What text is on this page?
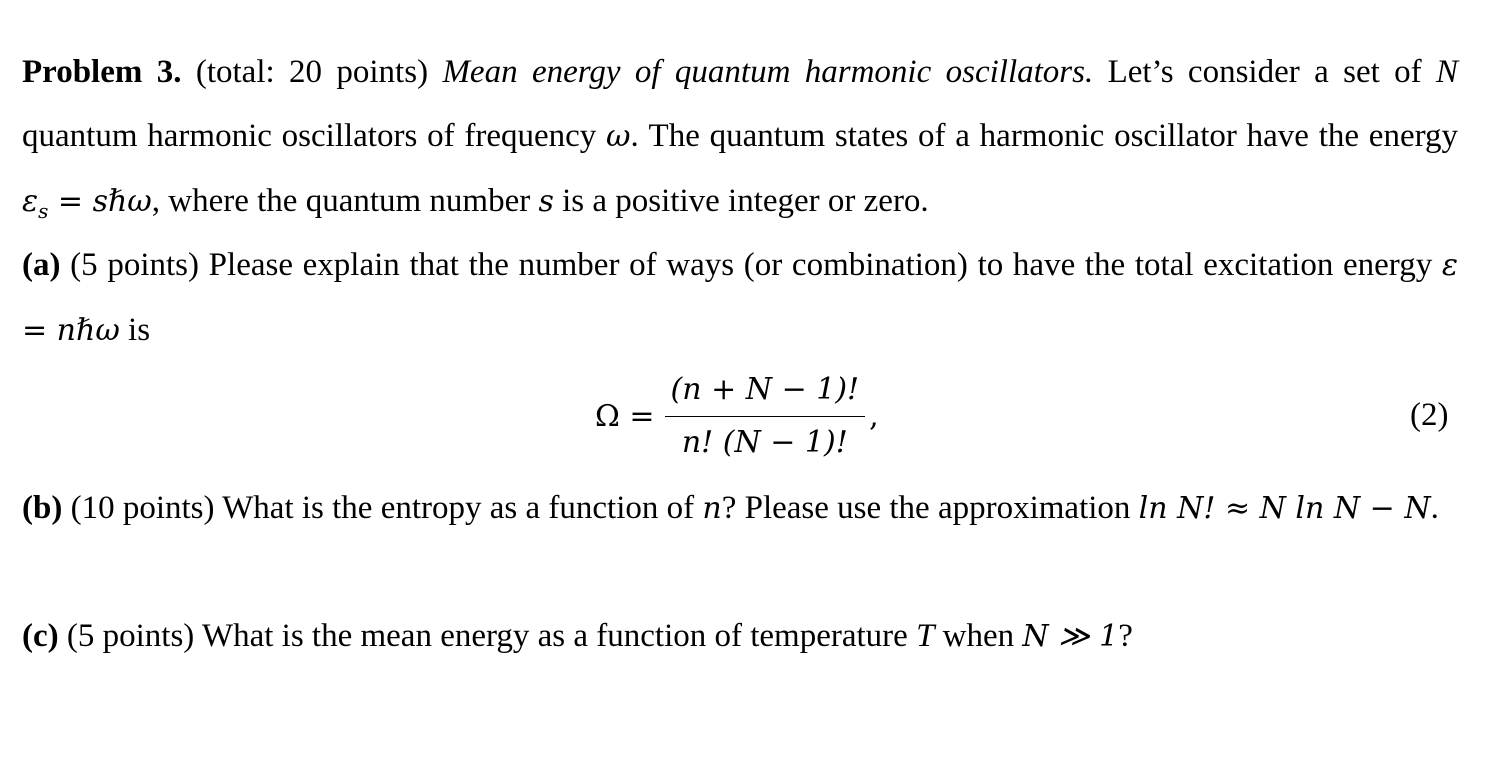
Problem 3. (total: 20 points) Mean energy of quantum harmonic oscillators. Let’s consider a set of N quantum harmonic oscillators of frequency ω. The quantum states of a harmonic oscillator have the energy $\varepsilon_s$ = sℏω, where the quantum number s is a positive integer or zero.

(a) (5 points) Please explain that the number of ways (or combination) to have the total excitation energy ε = nℏω is

$\Omega = \frac{(n + N - 1)!}{n! (N - 1)!}$ ,	(2)

(b) (10 points) What is the entropy as a function of n? Please use the approximation ln N! ≈ N ln N − N.

(c) (5 points) What is the mean energy as a function of temperature T when N ≫ 1?
